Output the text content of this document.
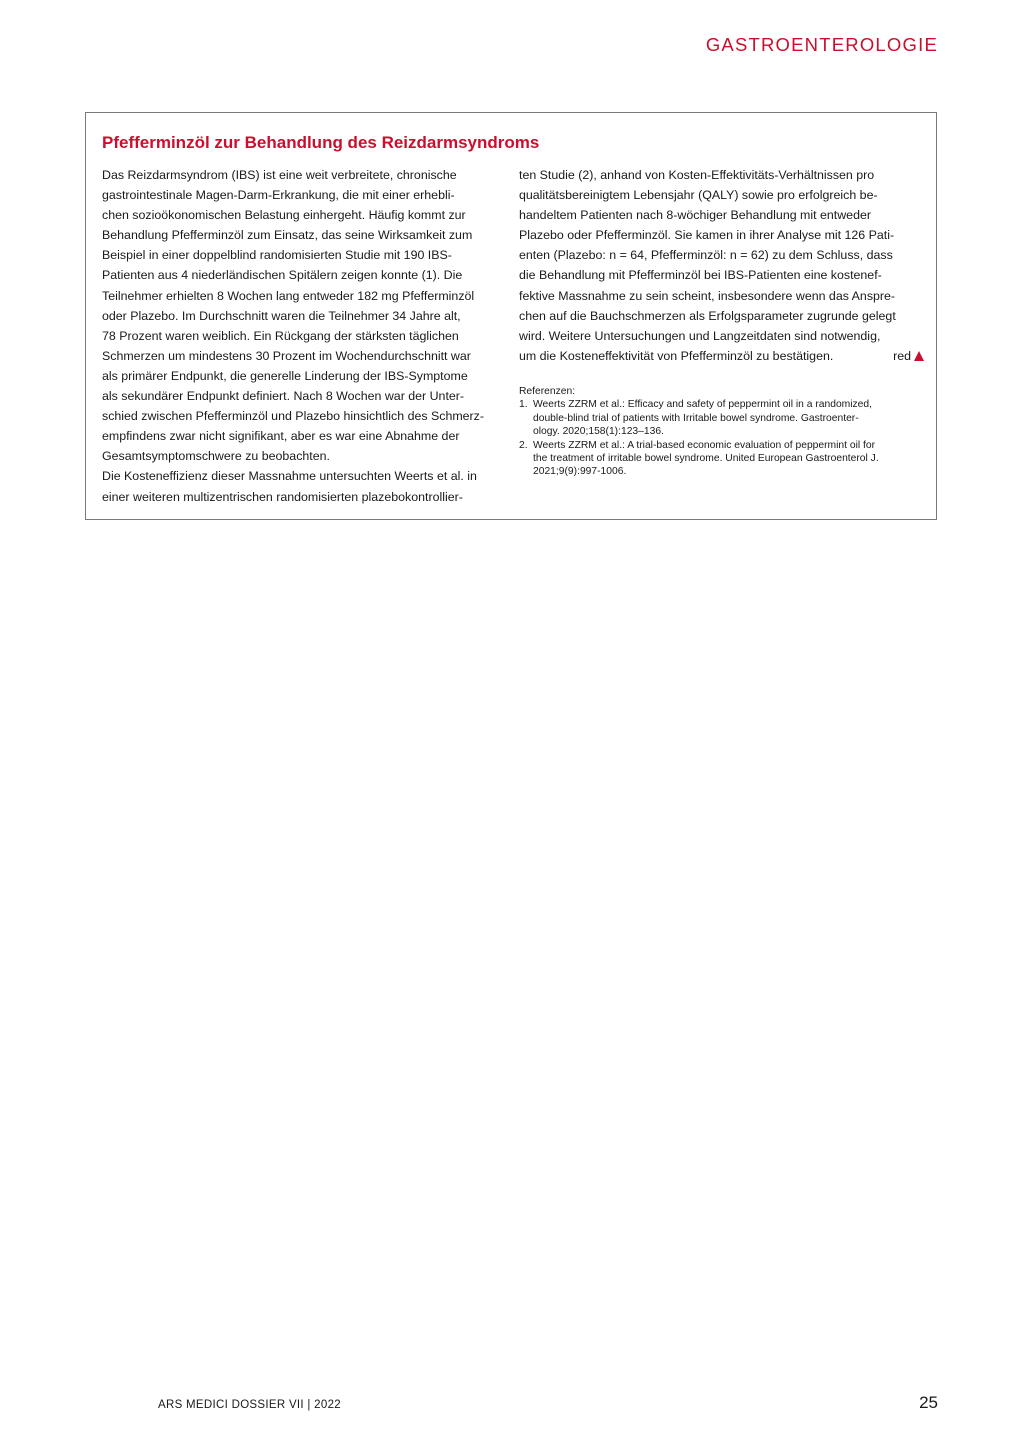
GASTROENTEROLOGIE
Pfefferminzöl zur Behandlung des Reizdarmsyndroms

Das Reizdarmsyndrom (IBS) ist eine weit verbreitete, chronische
gastrointestinale Magen-Darm-Erkrankung, die mit einer erhebli-
chen sozioökonomischen Belastung einhergeht. Häufig kommt zur
Behandlung Pfefferminzöl zum Einsatz, das seine Wirksamkeit zum
Beispiel in einer doppelblind randomisierten Studie mit 190 IBS-
Patienten aus 4 niederländischen Spitälern zeigen konnte (1). Die
Teilnehmer erhielten 8 Wochen lang entweder 182 mg Pfefferminzöl
oder Plazebo. Im Durchschnitt waren die Teilnehmer 34 Jahre alt,
78 Prozent waren weiblich. Ein Rückgang der stärksten täglichen
Schmerzen um mindestens 30 Prozent im Wochendurchschnitt war
als primärer Endpunkt, die generelle Linderung der IBS-Symptome
als sekundärer Endpunkt definiert. Nach 8 Wochen war der Unter-
schied zwischen Pfefferminzöl und Plazebo hinsichtlich des Schmerz-
empfindens zwar nicht signifikant, aber es war eine Abnahme der
Gesamtsymptomschwere zu beobachten.
Die Kosteneffizienz dieser Massnahme untersuchten Weerts et al. in
einer weiteren multizentrischen randomisierten plazebokontrollier-

ten Studie (2), anhand von Kosten-Effektivitäts-Verhältnissen pro
qualitätsbereinigtem Lebensjahr (QALY) sowie pro erfolgreich be-
handeltem Patienten nach 8-wöchiger Behandlung mit entweder
Plazebo oder Pfefferminzöl. Sie kamen in ihrer Analyse mit 126 Pati-
enten (Plazebo: n = 64, Pfefferminzöl: n = 62) zu dem Schluss, dass
die Behandlung mit Pfefferminzöl bei IBS-Patienten eine kostenef-
fektive Massnahme zu sein scheint, insbesondere wenn das Anspre-
chen auf die Bauchschmerzen als Erfolgsparameter zugrunde gelegt
wird. Weitere Untersuchungen und Langzeitdaten sind notwendig,
um die Kosteneffektivität von Pfefferminzöl zu bestätigen.	red

Referenzen:
1. Weerts ZZRM et al.: Efficacy and safety of peppermint oil in a randomized,
double-blind trial of patients with Irritable bowel syndrome. Gastroenter-
ology. 2020;158(1):123–136.
2. Weerts ZZRM et al.: A trial-based economic evaluation of peppermint oil for
the treatment of irritable bowel syndrome. United European Gastroenterol J.
2021;9(9):997-1006.
ARS MEDICI DOSSIER VII | 2022	25
